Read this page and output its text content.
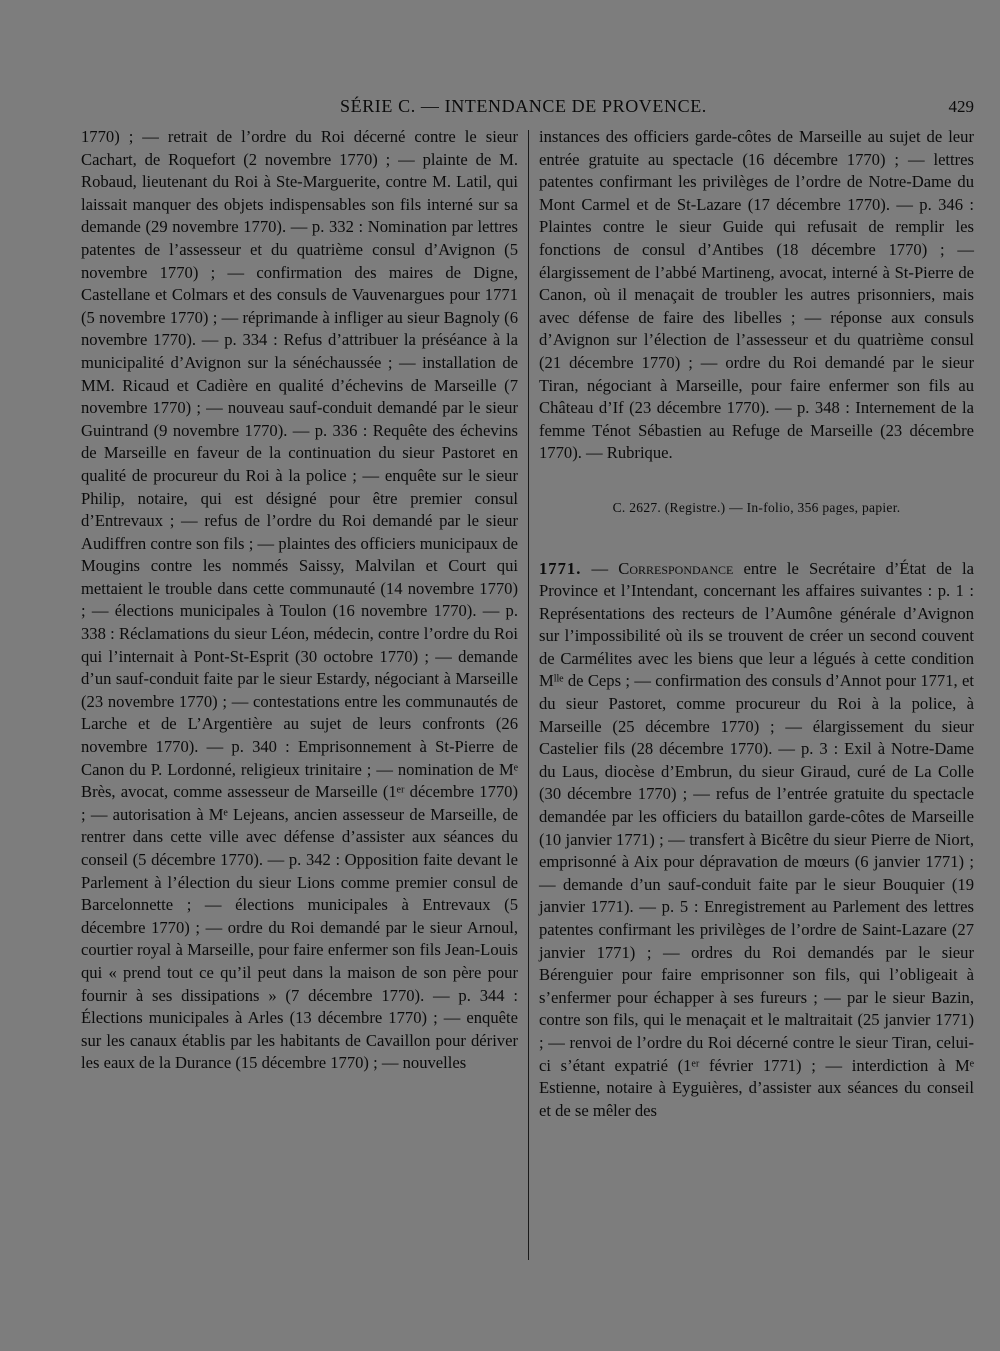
SÉRIE C. — INTENDANCE DE PROVENCE.	429

1770) ; — retrait de l’ordre du Roi décerné contre le sieur Cachart, de Roquefort (2 novembre 1770) ; — plainte de M. Robaud, lieutenant du Roi à Ste-Marguerite, contre M. Latil, qui laissait manquer des objets indispensables son fils interné sur sa demande (29 novembre 1770). — p. 332 : Nomination par lettres patentes de l’assesseur et du quatrième consul d’Avignon (5 novembre 1770) ; — confirmation des maires de Digne, Castellane et Colmars et des consuls de Vauvenargues pour 1771 (5 novembre 1770) ; — réprimande à infliger au sieur Bagnoly (6 novembre 1770). — p. 334 : Refus d’attribuer la préséance à la municipalité d’Avignon sur la sénéchaussée ; — installation de MM. Ricaud et Cadière en qualité d’échevins de Marseille (7 novembre 1770) ; — nouveau sauf-conduit demandé par le sieur Guintrand (9 novembre 1770). — p. 336 : Requête des échevins de Marseille en faveur de la continuation du sieur Pastoret en qualité de procureur du Roi à la police ; — enquête sur le sieur Philip, notaire, qui est désigné pour être premier consul d’Entrevaux ; — refus de l’ordre du Roi demandé par le sieur Audiffren contre son fils ; — plaintes des officiers municipaux de Mougins contre les nommés Saissy, Malvilan et Court qui mettaient le trouble dans cette communauté (14 novembre 1770) ; — élections municipales à Toulon (16 novembre 1770). — p. 338 : Réclamations du sieur Léon, médecin, contre l’ordre du Roi qui l’internait à Pont-St-Esprit (30 octobre 1770) ; — demande d’un sauf-conduit faite par le sieur Estardy, négociant à Marseille (23 novembre 1770) ; — contestations entre les communautés de Larche et de L’Argentière au sujet de leurs confronts (26 novembre 1770). — p. 340 : Emprisonnement à St-Pierre de Canon du P. Lordonné, religieux trinitaire ; — nomination de Mᵉ Brès, avocat, comme assesseur de Marseille (1ᵉʳ décembre 1770) ; — autorisation à Mᵉ Lejeans, ancien assesseur de Marseille, de rentrer dans cette ville avec défense d’assister aux séances du conseil (5 décembre 1770). — p. 342 : Opposition faite devant le Parlement à l’élection du sieur Lions comme premier consul de Barcelonnette ; — élections municipales à Entrevaux (5 décembre 1770) ; — ordre du Roi demandé par le sieur Arnoul, courtier royal à Marseille, pour faire enfermer son fils Jean-Louis qui « prend tout ce qu’il peut dans la maison de son père pour fournir à ses dissipations » (7 décembre 1770). — p. 344 : Élections municipales à Arles (13 décembre 1770) ; — enquête sur les canaux établis par les habitants de Cavaillon pour dériver les eaux de la Durance (15 décembre 1770) ; — nouvelles

instances des officiers garde-côtes de Marseille au sujet de leur entrée gratuite au spectacle (16 décembre 1770) ; — lettres patentes confirmant les privilèges de l’ordre de Notre-Dame du Mont Carmel et de St-Lazare (17 décembre 1770). — p. 346 : Plaintes contre le sieur Guide qui refusait de remplir les fonctions de consul d’Antibes (18 décembre 1770) ; — élargissement de l’abbé Martineng, avocat, interné à St-Pierre de Canon, où il menaçait de troubler les autres prisonniers, mais avec défense de faire des libelles ; — réponse aux consuls d’Avignon sur l’élection de l’assesseur et du quatrième consul (21 décembre 1770) ; — ordre du Roi demandé par le sieur Tiran, négociant à Marseille, pour faire enfermer son fils au Château d’If (23 décembre 1770). — p. 348 : Internement de la femme Ténot Sébastien au Refuge de Marseille (23 décembre 1770). — Rubrique.

C. 2627. (Registre.) — In-folio, 356 pages, papier.

1771. — Correspondance entre le Secrétaire d’État de la Province et l’Intendant, concernant les affaires suivantes : p. 1 : Représentations des recteurs de l’Aumône générale d’Avignon sur l’impossibilité où ils se trouvent de créer un second couvent de Carmélites avec les biens que leur a légués à cette condition Mˡˡᵉ de Ceps ; — confirmation des consuls d’Annot pour 1771, et du sieur Pastoret, comme procureur du Roi à la police, à Marseille (25 décembre 1770) ; — élargissement du sieur Castelier fils (28 décembre 1770). — p. 3 : Exil à Notre-Dame du Laus, diocèse d’Embrun, du sieur Giraud, curé de La Colle (30 décembre 1770) ; — refus de l’entrée gratuite du spectacle demandée par les officiers du bataillon garde-côtes de Marseille (10 janvier 1771) ; — transfert à Bicêtre du sieur Pierre de Niort, emprisonné à Aix pour dépravation de mœurs (6 janvier 1771) ; — demande d’un sauf-conduit faite par le sieur Bouquier (19 janvier 1771). — p. 5 : Enregistrement au Parlement des lettres patentes confirmant les privilèges de l’ordre de Saint-Lazare (27 janvier 1771) ; — ordres du Roi demandés par le sieur Bérenguier pour faire emprisonner son fils, qui l’obligeait à s’enfermer pour échapper à ses fureurs ; — par le sieur Bazin, contre son fils, qui le menaçait et le maltraitait (25 janvier 1771) ; — renvoi de l’ordre du Roi décerné contre le sieur Tiran, celui-ci s’étant expatrié (1ᵉʳ février 1771) ; — interdiction à Mᵉ Estienne, notaire à Eyguières, d’assister aux séances du conseil et de se mêler des
